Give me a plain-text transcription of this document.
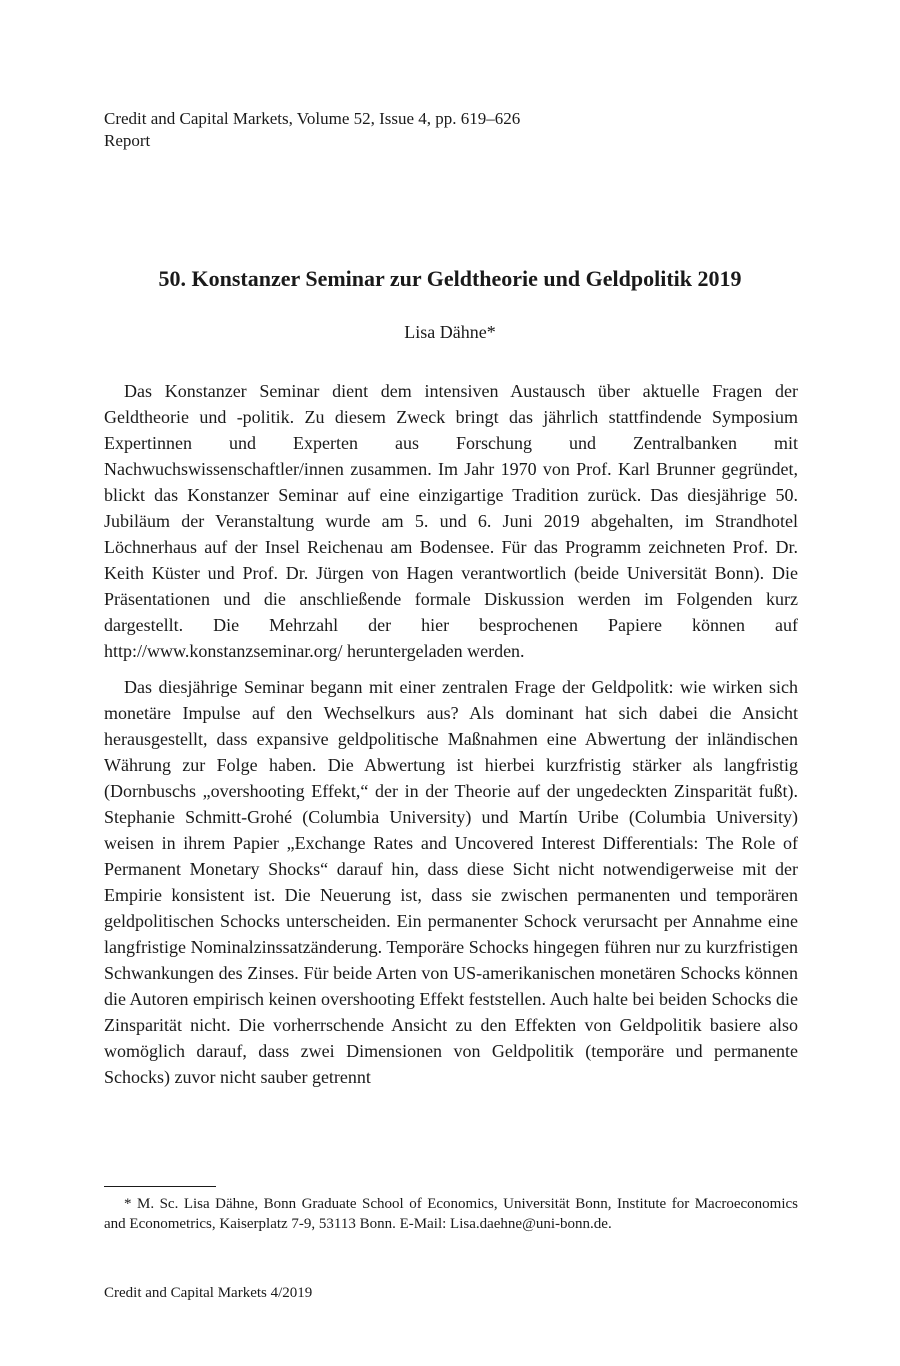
Credit and Capital Markets, Volume 52, Issue 4, pp. 619–626
Report
50. Konstanzer Seminar zur Geldtheorie und Geldpolitik 2019
Lisa Dähne*

Das Konstanzer Seminar dient dem intensiven Austausch über aktuelle Fragen der Geldtheorie und -politik. Zu diesem Zweck bringt das jährlich stattfindende Symposium Expertinnen und Experten aus Forschung und Zentralbanken mit Nachwuchswissenschaftler/innen zusammen. Im Jahr 1970 von Prof. Karl Brunner gegründet, blickt das Konstanzer Seminar auf eine einzigartige Tradition zurück. Das diesjährige 50. Jubiläum der Veranstaltung wurde am 5. und 6. Juni 2019 abgehalten, im Strandhotel Löchnerhaus auf der Insel Reichenau am Bodensee. Für das Programm zeichneten Prof. Dr. Keith Küster und Prof. Dr. Jürgen von Hagen verantwortlich (beide Universität Bonn). Die Präsentationen und die anschließende formale Diskussion werden im Folgenden kurz dargestellt. Die Mehrzahl der hier besprochenen Papiere können auf http://www.konstanzseminar.org/ heruntergeladen werden.

Das diesjährige Seminar begann mit einer zentralen Frage der Geldpolitk: wie wirken sich monetäre Impulse auf den Wechselkurs aus? Als dominant hat sich dabei die Ansicht herausgestellt, dass expansive geldpolitische Maßnahmen eine Abwertung der inländischen Währung zur Folge haben. Die Abwertung ist hierbei kurzfristig stärker als langfristig (Dornbuschs „overshooting Effekt,“ der in der Theorie auf der ungedeckten Zinsparität fußt). Stephanie Schmitt-Grohé (Columbia University) und Martín Uribe (Columbia University) weisen in ihrem Papier „Exchange Rates and Uncovered Interest Differentials: The Role of Permanent Monetary Shocks“ darauf hin, dass diese Sicht nicht notwendigerweise mit der Empirie konsistent ist. Die Neuerung ist, dass sie zwischen permanenten und temporären geldpolitischen Schocks unterscheiden. Ein permanenter Schock verursacht per Annahme eine langfristige Nominalzinssatzänderung. Temporäre Schocks hingegen führen nur zu kurzfristigen Schwankungen des Zinses. Für beide Arten von US-amerikanischen monetären Schocks können die Autoren empirisch keinen overshooting Effekt feststellen. Auch halte bei beiden Schocks die Zinsparität nicht. Die vorherrschende Ansicht zu den Effekten von Geldpolitik basiere also womöglich darauf, dass zwei Dimensionen von Geldpolitik (temporäre und permanente Schocks) zuvor nicht sauber getrennt

* M. Sc. Lisa Dähne, Bonn Graduate School of Economics, Universität Bonn, Institute for Macroeconomics and Econometrics, Kaiserplatz 7-9, 53113 Bonn. E-Mail: Lisa.daehne@uni-bonn.de.
Credit and Capital Markets 4/2019
